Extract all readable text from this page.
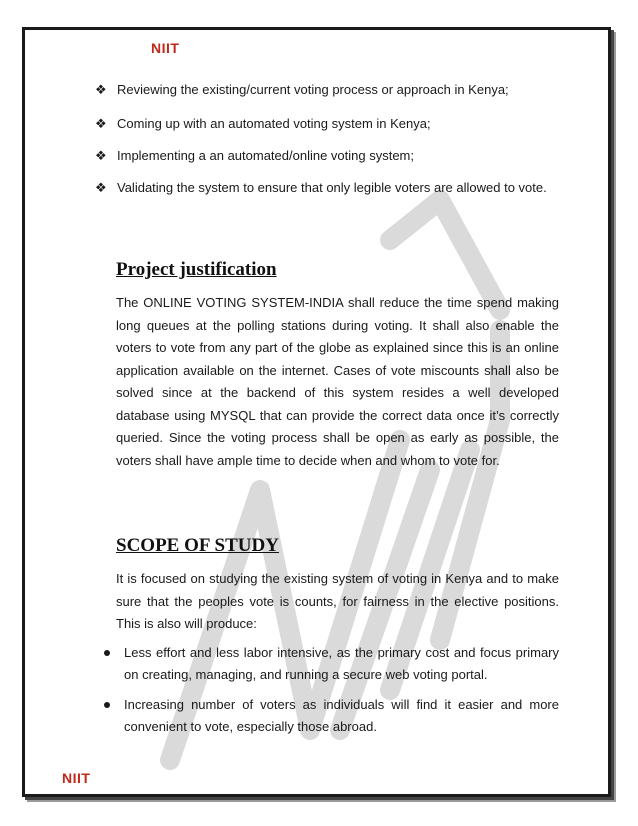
NIIT
❖ Reviewing the existing/current voting process or approach in Kenya;
❖ Coming up with an automated voting system in Kenya;
❖ Implementing a an automated/online voting system;
❖ Validating the system to ensure that only legible voters are allowed to vote.
Project justification
The ONLINE VOTING SYSTEM-INDIA shall reduce the time spend making long queues at the polling stations during voting. It shall also enable the voters to vote from any part of the globe as explained since this is an online application available on the internet. Cases of vote miscounts shall also be solved since at the backend of this system resides a well developed database using MYSQL that can provide the correct data once it’s correctly queried. Since the voting process shall be open as early as possible, the voters shall have ample time to decide when and whom to vote for.
SCOPE OF STUDY
It is focused on studying the existing system of voting in Kenya and to make sure that the peoples vote is counts, for fairness in the elective positions. This is also will produce:
Less effort and less labor intensive, as the primary cost and focus primary on creating, managing, and running a secure web voting portal.
Increasing number of voters as individuals will find it easier and more convenient to vote, especially those abroad.
NIIT
